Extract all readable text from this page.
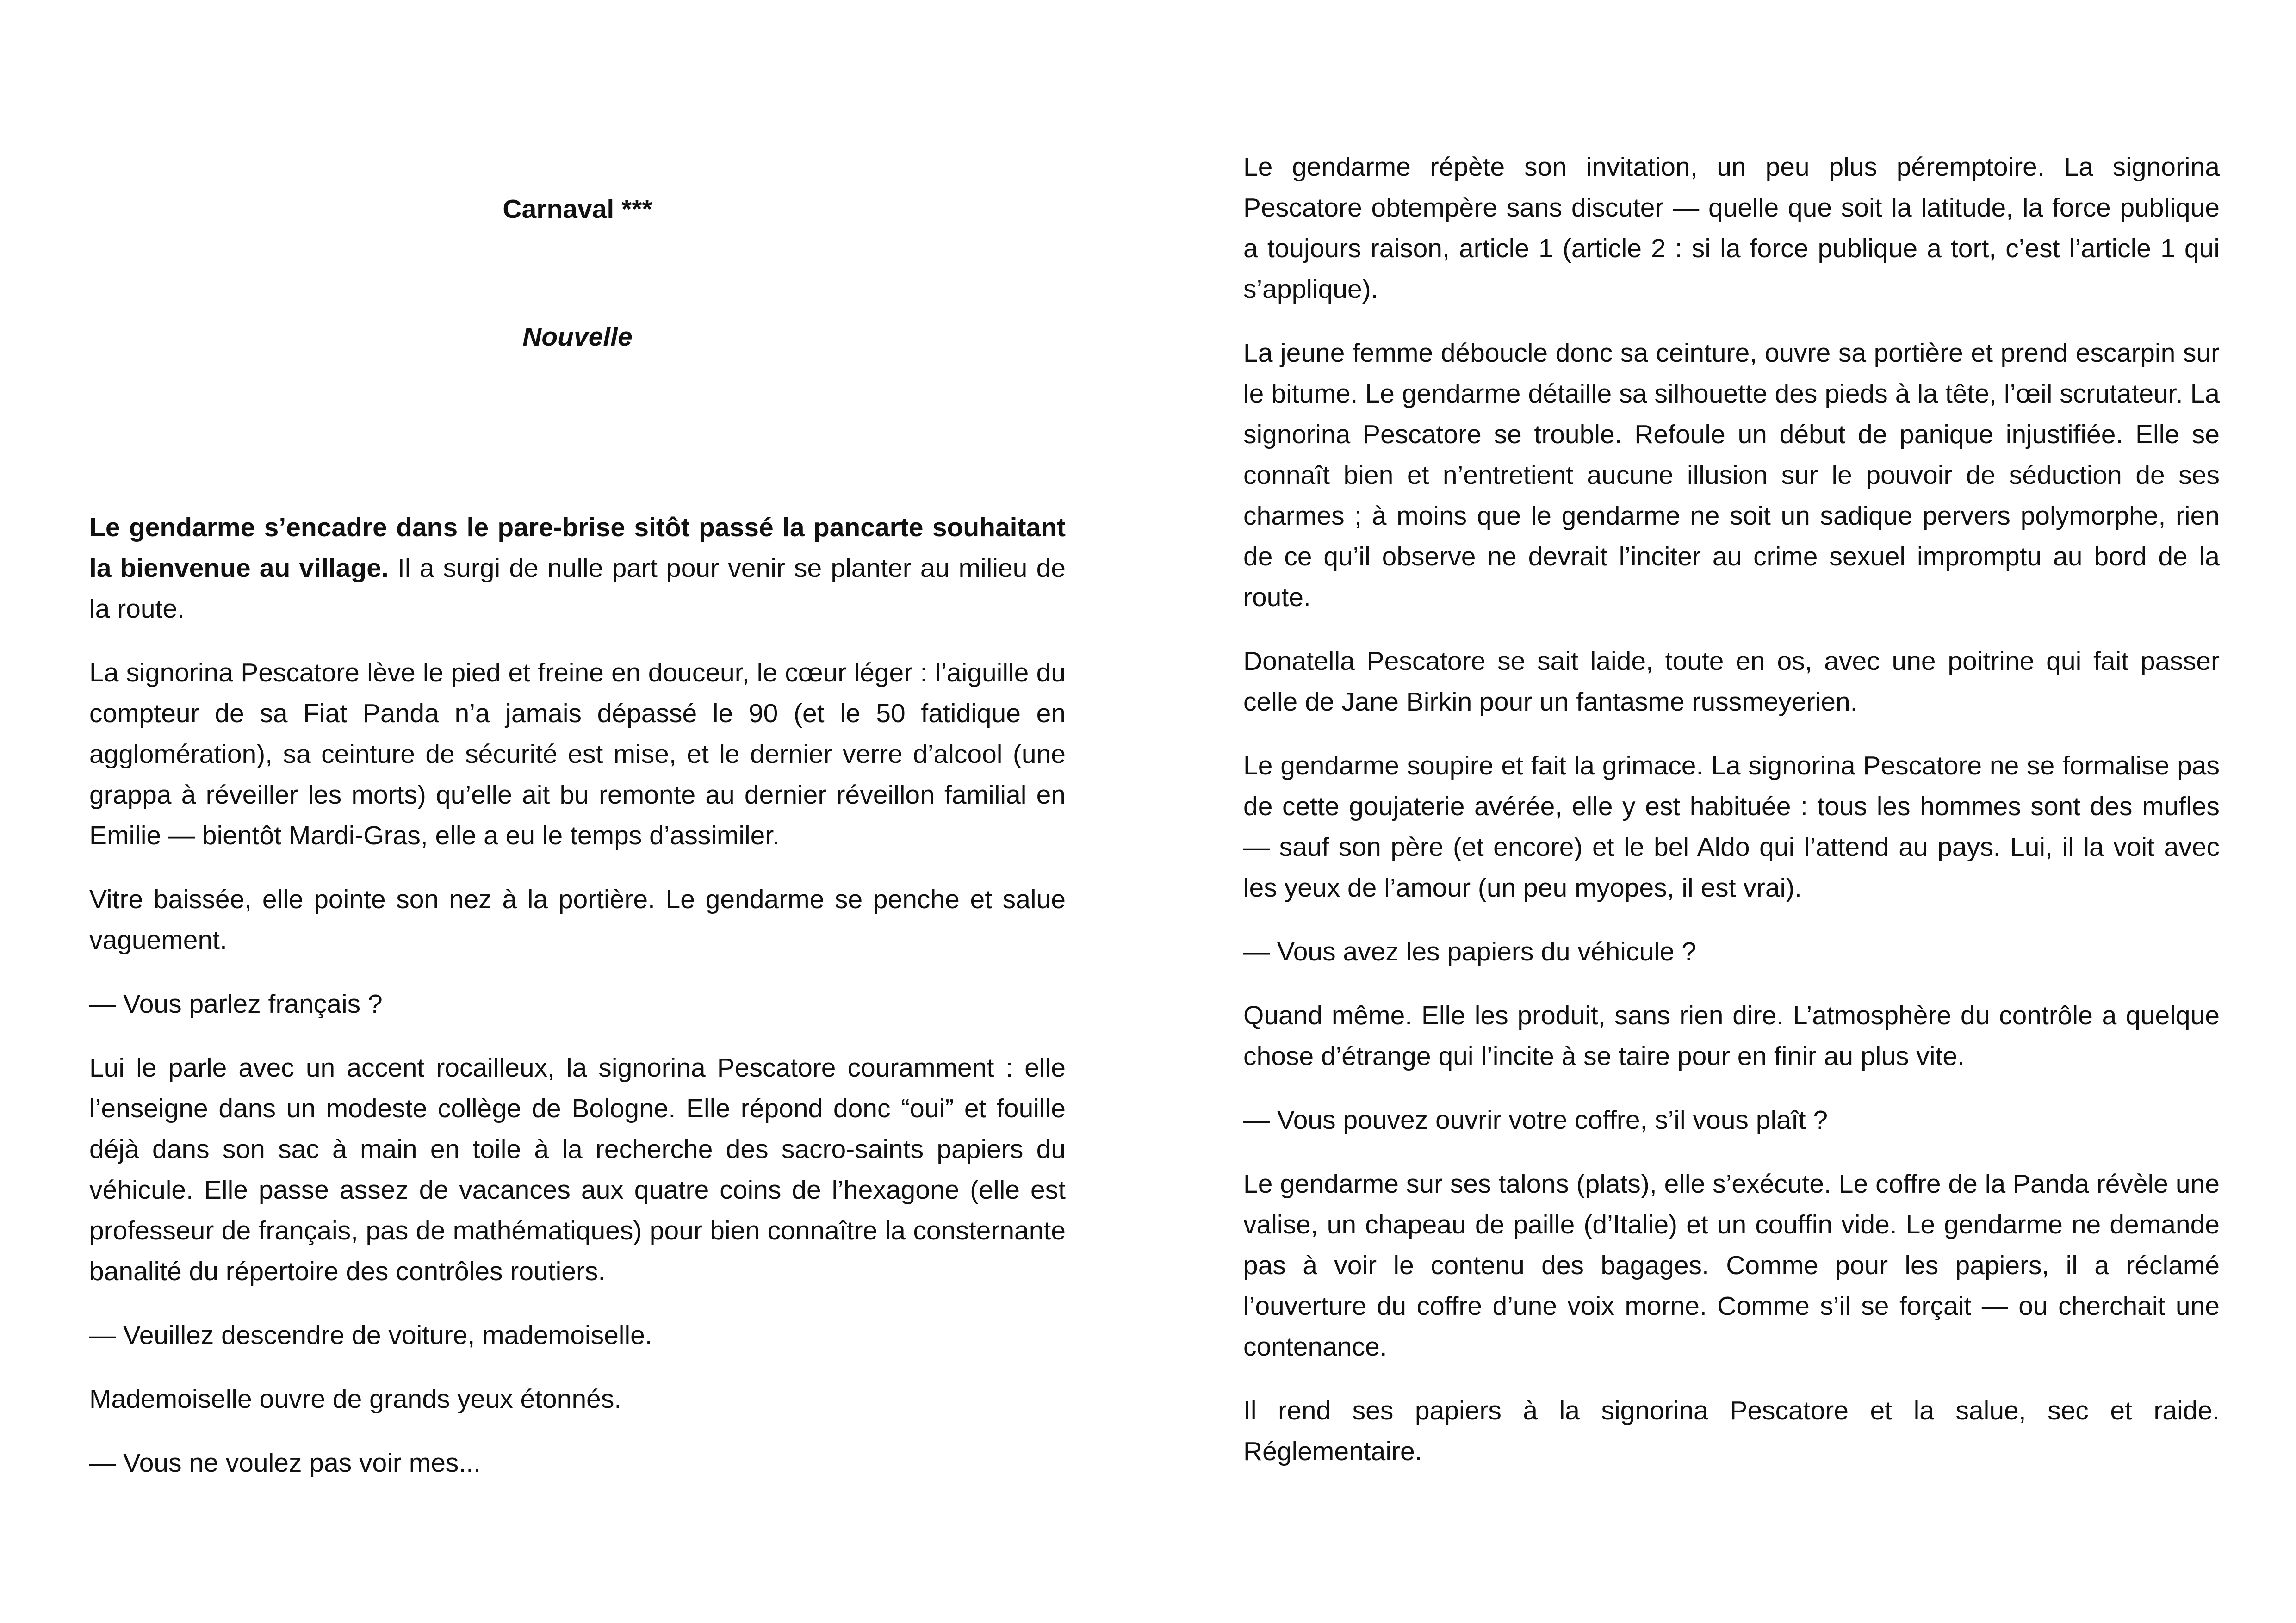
Carnaval ***
Nouvelle

Le gendarme s’encadre dans le pare-brise sitôt passé la pancarte souhaitant la bienvenue au village. Il a surgi de nulle part pour venir se planter au milieu de la route.

La signorina Pescatore lève le pied et freine en douceur, le cœur léger : l’aiguille du compteur de sa Fiat Panda n’a jamais dépassé le 90 (et le 50 fatidique en agglomération), sa ceinture de sécurité est mise, et le dernier verre d’alcool (une grappa à réveiller les morts) qu’elle ait bu remonte au dernier réveillon familial en Emilie — bientôt Mardi-Gras, elle a eu le temps d’assimiler.

Vitre baissée, elle pointe son nez à la portière. Le gendarme se penche et salue vaguement.

— Vous parlez français ?

Lui le parle avec un accent rocailleux, la signorina Pescatore couramment : elle l’enseigne dans un modeste collège de Bologne. Elle répond donc “oui” et fouille déjà dans son sac à main en toile à la recherche des sacro-saints papiers du véhicule. Elle passe assez de vacances aux quatre coins de l’hexagone (elle est professeur de français, pas de mathématiques) pour bien connaître la consternante banalité du répertoire des contrôles routiers.

— Veuillez descendre de voiture, mademoiselle.

Mademoiselle ouvre de grands yeux étonnés.

— Vous ne voulez pas voir mes...

Le gendarme répète son invitation, un peu plus péremptoire. La signorina Pescatore obtempère sans discuter — quelle que soit la latitude, la force publique a toujours raison, article 1 (article 2 : si la force publique a tort, c’est l’article 1 qui s’applique).

La jeune femme déboucle donc sa ceinture, ouvre sa portière et prend escarpin sur le bitume. Le gendarme détaille sa silhouette des pieds à la tête, l’œil scrutateur. La signorina Pescatore se trouble. Refoule un début de panique injustifiée. Elle se connaît bien et n’entretient aucune illusion sur le pouvoir de séduction de ses charmes ; à moins que le gendarme ne soit un sadique pervers polymorphe, rien de ce qu’il observe ne devrait l’inciter au crime sexuel impromptu au bord de la route.

Donatella Pescatore se sait laide, toute en os, avec une poitrine qui fait passer celle de Jane Birkin pour un fantasme russmeyerien.

Le gendarme soupire et fait la grimace. La signorina Pescatore ne se formalise pas de cette goujaterie avérée, elle y est habituée : tous les hommes sont des mufles — sauf son père (et encore) et le bel Aldo qui l’attend au pays. Lui, il la voit avec les yeux de l’amour (un peu myopes, il est vrai).

— Vous avez les papiers du véhicule ?

Quand même. Elle les produit, sans rien dire. L’atmosphère du contrôle a quelque chose d’étrange qui l’incite à se taire pour en finir au plus vite.

— Vous pouvez ouvrir votre coffre, s’il vous plaît ?

Le gendarme sur ses talons (plats), elle s’exécute. Le coffre de la Panda révèle une valise, un chapeau de paille (d’Italie) et un couffin vide. Le gendarme ne demande pas à voir le contenu des bagages. Comme pour les papiers, il a réclamé l’ouverture du coffre d’une voix morne. Comme s’il se forçait — ou cherchait une contenance.

Il rend ses papiers à la signorina Pescatore et la salue, sec et raide. Réglementaire.
